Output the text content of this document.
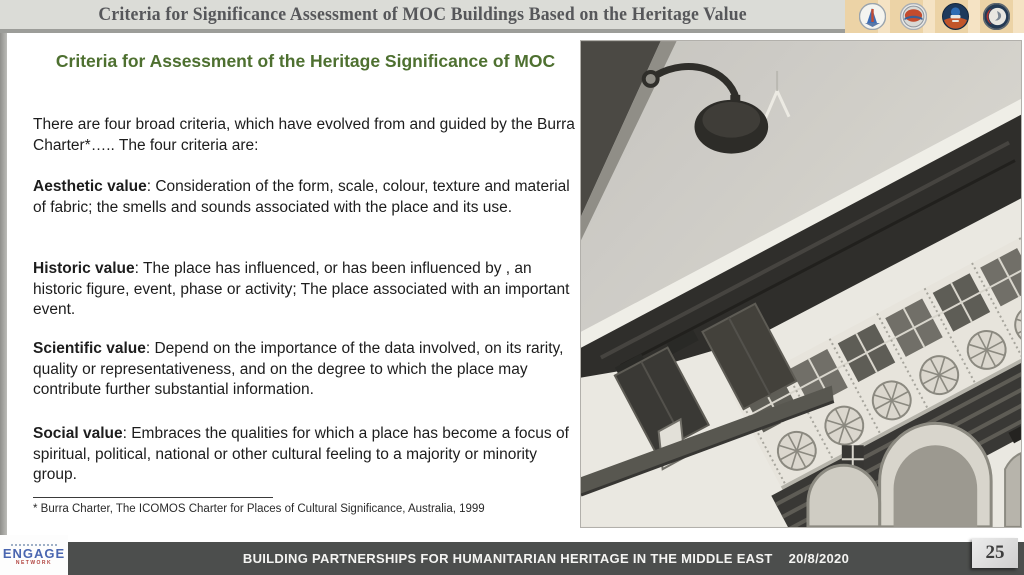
Criteria for Significance Assessment of MOC Buildings Based on the Heritage Value
Criteria for Assessment of the Heritage Significance of MOC
There are four broad criteria, which have evolved from and guided by the Burra Charter*….. The four criteria are:
Aesthetic value: Consideration of the form, scale, colour, texture and material of fabric; the smells and sounds associated with the place and its use.
Historic value: The place has influenced, or has been influenced by , an historic figure, event, phase or activity; The place associated with an important event.
Scientific value: Depend on the importance of the data involved, on its rarity, quality or representativeness, and on the degree to which the place may contribute further substantial information.
Social value: Embraces the qualities for which a place has become a focus of spiritual, political, national or other cultural feeling to a majority or minority group.
* Burra Charter, The ICOMOS Charter for Places of Cultural Significance, Australia, 1999
ENGAGE
NETWORK	BUILDING PARTNERSHIPS FOR HUMANITARIAN HERITAGE IN THE MIDDLE EAST 20/8/2020	25
